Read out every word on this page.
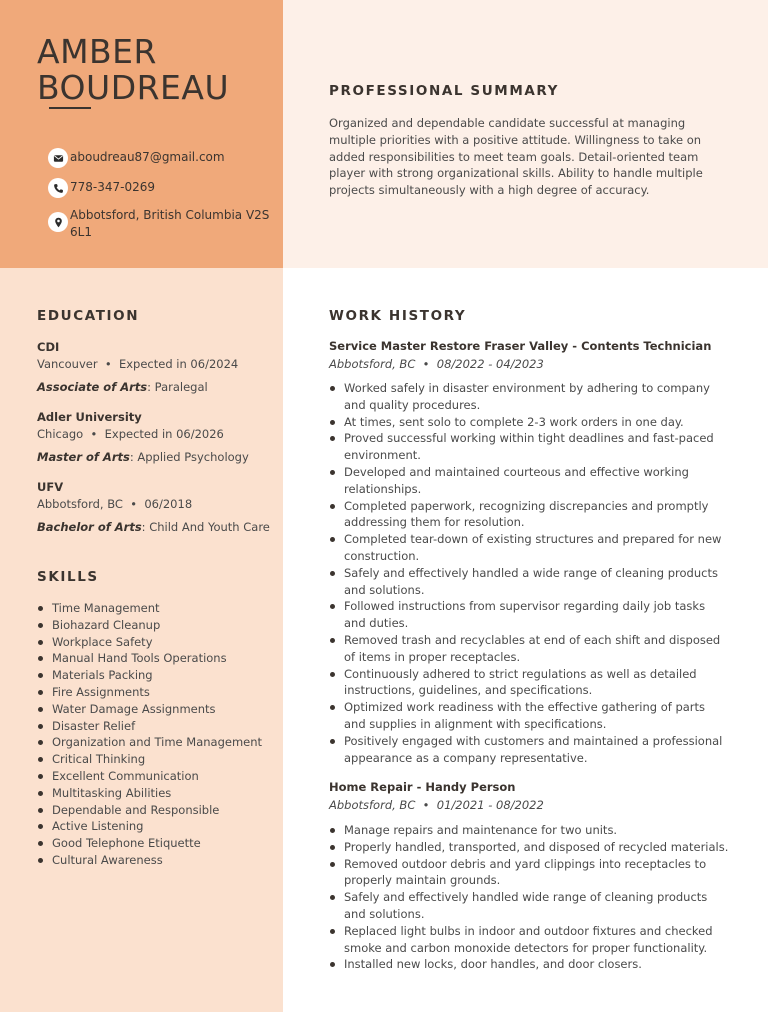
AMBER
BOUDREAU
aboudreau87@gmail.com
778-347-0269
Abbotsford, British Columbia V2S 6L1
PROFESSIONAL SUMMARY
Organized and dependable candidate successful at managing multiple priorities with a positive attitude. Willingness to take on added responsibilities to meet team goals. Detail-oriented team player with strong organizational skills. Ability to handle multiple projects simultaneously with a high degree of accuracy.
EDUCATION
CDI
Vancouver  •  Expected in 06/2024
Associate of Arts: Paralegal
Adler University
Chicago  •  Expected in 06/2026
Master of Arts: Applied Psychology
UFV
Abbotsford, BC  •  06/2018
Bachelor of Arts: Child And Youth Care
SKILLS
Time Management
Biohazard Cleanup
Workplace Safety
Manual Hand Tools Operations
Materials Packing
Fire Assignments
Water Damage Assignments
Disaster Relief
Organization and Time Management
Critical Thinking
Excellent Communication
Multitasking Abilities
Dependable and Responsible
Active Listening
Good Telephone Etiquette
Cultural Awareness
WORK HISTORY
Service Master Restore Fraser Valley - Contents Technician
Abbotsford, BC  •  08/2022 - 04/2023
Worked safely in disaster environment by adhering to company and quality procedures.
At times, sent solo to complete 2-3 work orders in one day.
Proved successful working within tight deadlines and fast-paced environment.
Developed and maintained courteous and effective working relationships.
Completed paperwork, recognizing discrepancies and promptly addressing them for resolution.
Completed tear-down of existing structures and prepared for new construction.
Safely and effectively handled a wide range of cleaning products and solutions.
Followed instructions from supervisor regarding daily job tasks and duties.
Removed trash and recyclables at end of each shift and disposed of items in proper receptacles.
Continuously adhered to strict regulations as well as detailed instructions, guidelines, and specifications.
Optimized work readiness with the effective gathering of parts and supplies in alignment with specifications.
Positively engaged with customers and maintained a professional appearance as a company representative.
Home Repair - Handy Person
Abbotsford, BC  •  01/2021 - 08/2022
Manage repairs and maintenance for two units.
Properly handled, transported, and disposed of recycled materials.
Removed outdoor debris and yard clippings into receptacles to properly maintain grounds.
Safely and effectively handled wide range of cleaning products and solutions.
Replaced light bulbs in indoor and outdoor fixtures and checked smoke and carbon monoxide detectors for proper functionality.
Installed new locks, door handles, and door closers.
